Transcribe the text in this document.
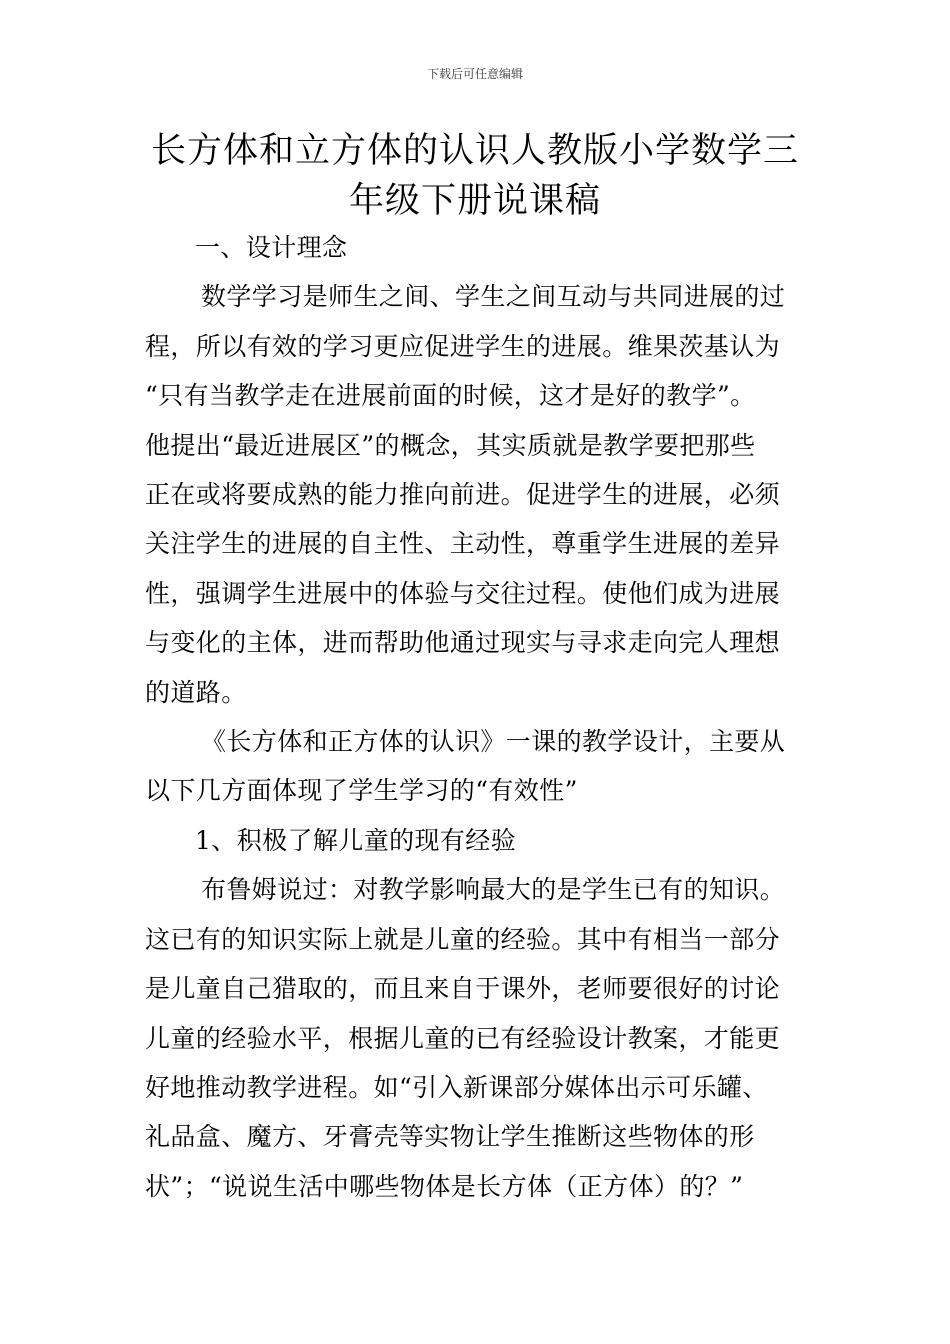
下载后可任意编辑
长方体和立方体的认识人教版小学数学三
年级下册说课稿
一、设计理念
数学学习是师生之间、学生之间互动与共同进展的过
程，所以有效的学习更应促进学生的进展。维果茨基认为
“只有当教学走在进展前面的时候，这才是好的教学”。
他提出“最近进展区”的概念，其实质就是教学要把那些
正在或将要成熟的能力推向前进。促进学生的进展，必须
关注学生的进展的自主性、主动性，尊重学生进展的差异
性，强调学生进展中的体验与交往过程。使他们成为进展
与变化的主体，进而帮助他通过现实与寻求走向完人理想
的道路。
《长方体和正方体的认识》一课的教学设计，主要从
以下几方面体现了学生学习的“有效性”
1、积极了解儿童的现有经验
布鲁姆说过：对教学影响最大的是学生已有的知识。
这已有的知识实际上就是儿童的经验。其中有相当一部分
是儿童自己猎取的，而且来自于课外，老师要很好的讨论
儿童的经验水平，根据儿童的已有经验设计教案，才能更
好地推动教学进程。如“引入新课部分媒体出示可乐罐、
礼品盒、魔方、牙膏壳等实物让学生推断这些物体的形
状”；“说说生活中哪些物体是长方体（正方体）的？”
